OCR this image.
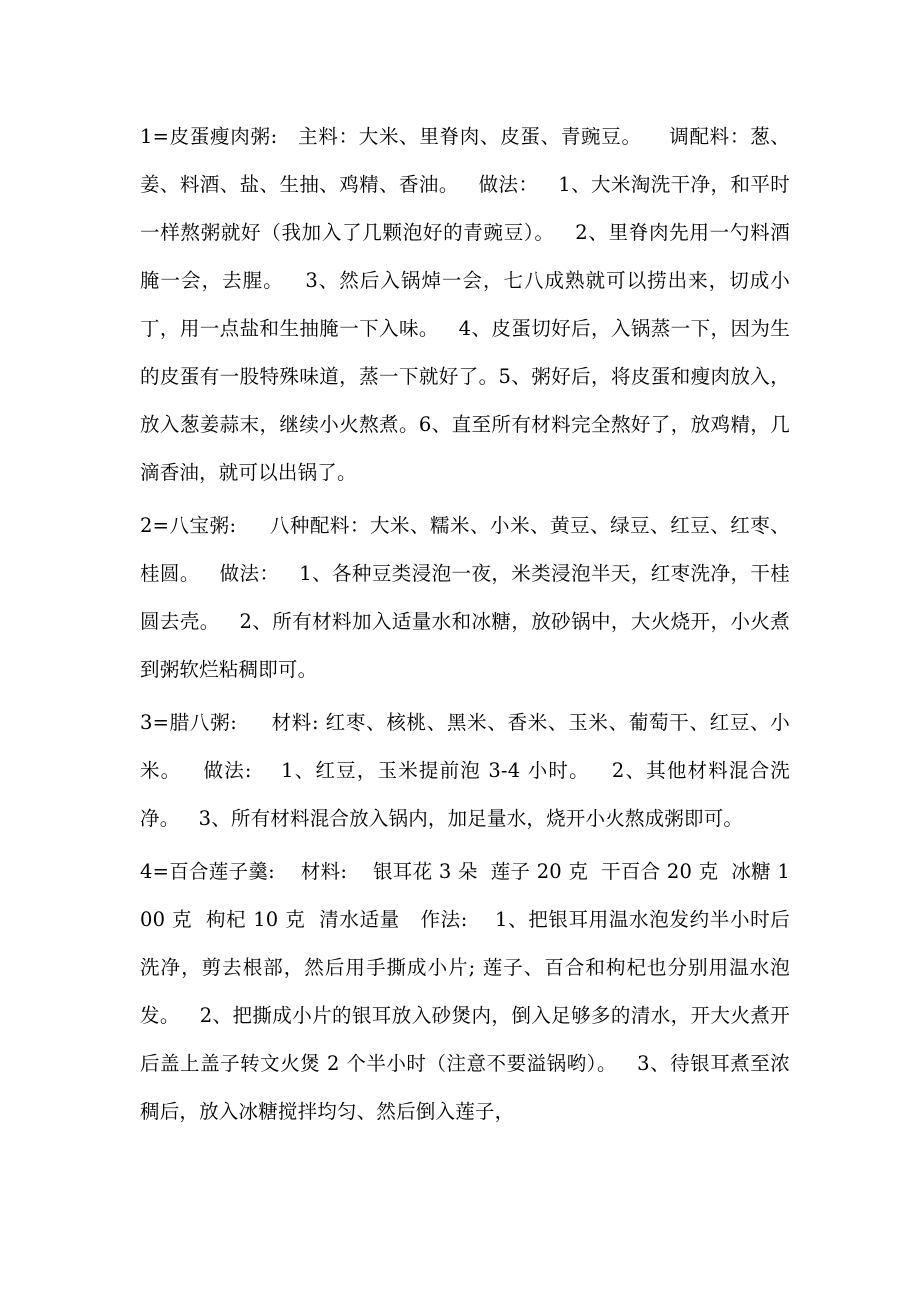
1=皮蛋瘦肉粥:   主料：大米、里脊肉、皮蛋、青豌豆。    调配料：葱、姜、料酒、盐、生抽、鸡精、香油。   做法：   1、大米淘洗干净，和平时一样熬粥就好（我加入了几颗泡好的青豌豆）。   2、里脊肉先用一勺料酒腌一会，去腥。   3、然后入锅焯一会，七八成熟就可以捞出来，切成小丁，用一点盐和生抽腌一下入味。   4、皮蛋切好后，入锅蒸一下，因为生的皮蛋有一股特殊味道，蒸一下就好了。5、粥好后，将皮蛋和瘦肉放入，放入葱姜蒜末，继续小火熬煮。6、直至所有材料完全熬好了，放鸡精，几滴香油，就可以出锅了。

2=八宝粥:     八种配料：大米、糯米、小米、黄豆、绿豆、红豆、红枣、桂圆。   做法：   1、各种豆类浸泡一夜，米类浸泡半天，红枣洗净，干桂圆去壳。   2、所有材料加入适量水和冰糖，放砂锅中，大火烧开，小火煮到粥软烂粘稠即可。

3=腊八粥:     材料: 红枣、核桃、黑米、香米、玉米、葡萄干、红豆、小米。   做法:    1、红豆，玉米提前泡 3-4 小时。   2、其他材料混合洗净。   3、所有材料混合放入锅内，加足量水，烧开小火熬成粥即可。

4=百合莲子羹:    材料:    银耳花 3 朵  莲子 20 克  干百合 20 克  冰糖 100 克  枸杞 10 克  清水适量   作法:    1、把银耳用温水泡发约半小时后洗净，剪去根部，然后用手撕成小片; 莲子、百合和枸杞也分别用温水泡发。   2、把撕成小片的银耳放入砂煲内，倒入足够多的清水，开大火煮开后盖上盖子转文火煲 2 个半小时（注意不要溢锅哟）。   3、待银耳煮至浓稠后，放入冰糖搅拌均匀、然后倒入莲子，
